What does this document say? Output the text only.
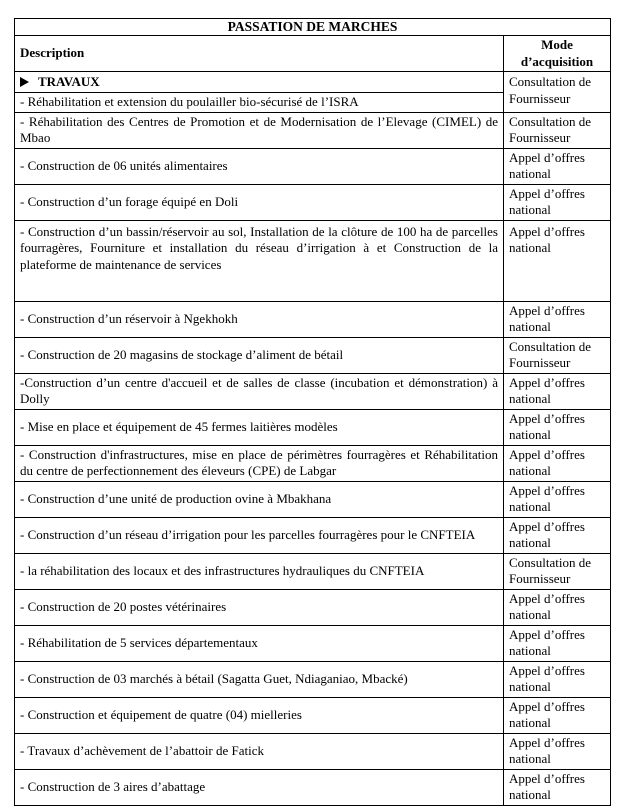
PASSATION DE MARCHES	
Description	Mode d’acquisition
TRAVAUX	Consultation de Fournisseur
- Réhabilitation et extension du poulailler bio-sécurisé de l’ISRA	
- Réhabilitation des Centres de Promotion et de Modernisation de l’Elevage (CIMEL) de Mbao	Consultation de Fournisseur
- Construction de 06 unités alimentaires	Appel d’offres national
- Construction d’un forage équipé en Doli	Appel d’offres national
- Construction d’un bassin/réservoir au sol, Installation de la clôture de 100 ha de parcelles fourragères, Fourniture et installation du réseau d’irrigation à et Construction de la plateforme de maintenance de services	Appel d’offres national
- Construction d’un réservoir à Ngekhokh	Appel d’offres national
- Construction de 20 magasins de stockage d’aliment de bétail	Consultation de Fournisseur
-Construction d’un centre d'accueil et de salles de classe (incubation et démonstration) à Dolly	Appel d’offres national
- Mise en place et équipement de 45 fermes laitières modèles	Appel d’offres national
- Construction d'infrastructures, mise en place de périmètres fourragères et Réhabilitation du centre de perfectionnement des éleveurs (CPE) de Labgar	Appel d’offres national
- Construction d’une unité de production ovine à Mbakhana	Appel d’offres national
- Construction d’un réseau d’irrigation pour les parcelles fourragères pour le CNFTEIA	Appel d’offres national
- la réhabilitation des locaux et des infrastructures hydrauliques du CNFTEIA	Consultation de Fournisseur
- Construction de 20 postes vétérinaires	Appel d’offres national
- Réhabilitation de 5 services départementaux	Appel d’offres national
- Construction de 03 marchés à bétail (Sagatta Guet, Ndiaganiao, Mbacké)	Appel d’offres national
- Construction et équipement de quatre (04) mielleries	Appel d’offres national
- Travaux d’achèvement de l’abattoir de Fatick	Appel d’offres national
- Construction de 3 aires d’abattage	Appel d’offres national
